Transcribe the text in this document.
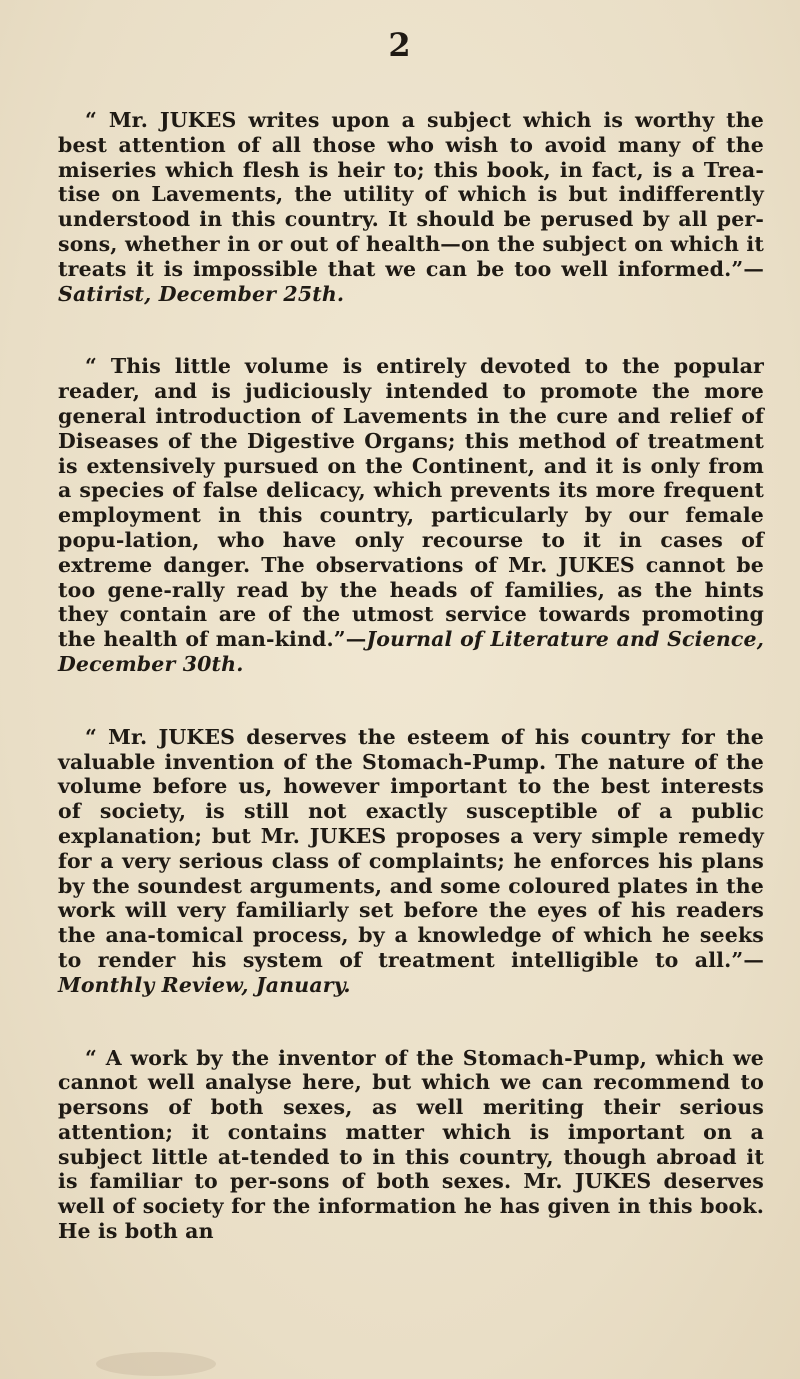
2

“ Mr. JUKES writes upon a subject which is worthy the best attention of all those who wish to avoid many of the miseries which flesh is heir to; this book, in fact, is a Trea-tise on Lavements, the utility of which is but indifferently understood in this country. It should be perused by all per-sons, whether in or out of health—on the subject on which it treats it is impossible that we can be too well informed.”—Satirist, December 25th.

“ This little volume is entirely devoted to the popular reader, and is judiciously intended to promote the more general introduction of Lavements in the cure and relief of Diseases of the Digestive Organs; this method of treatment is extensively pursued on the Continent, and it is only from a species of false delicacy, which prevents its more frequent employment in this country, particularly by our female popu-lation, who have only recourse to it in cases of extreme danger. The observations of Mr. JUKES cannot be too gene-rally read by the heads of families, as the hints they contain are of the utmost service towards promoting the health of man-kind.”—Journal of Literature and Science, December 30th.

“ Mr. JUKES deserves the esteem of his country for the valuable invention of the Stomach-Pump. The nature of the volume before us, however important to the best interests of society, is still not exactly susceptible of a public explanation; but Mr. JUKES proposes a very simple remedy for a very serious class of complaints; he enforces his plans by the soundest arguments, and some coloured plates in the work will very familiarly set before the eyes of his readers the ana-tomical process, by a knowledge of which he seeks to render his system of treatment intelligible to all.”—Monthly Review, January.

“ A work by the inventor of the Stomach-Pump, which we cannot well analyse here, but which we can recommend to persons of both sexes, as well meriting their serious attention; it contains matter which is important on a subject little at-tended to in this country, though abroad it is familiar to per-sons of both sexes. Mr. JUKES deserves well of society for the information he has given in this book. He is both an
